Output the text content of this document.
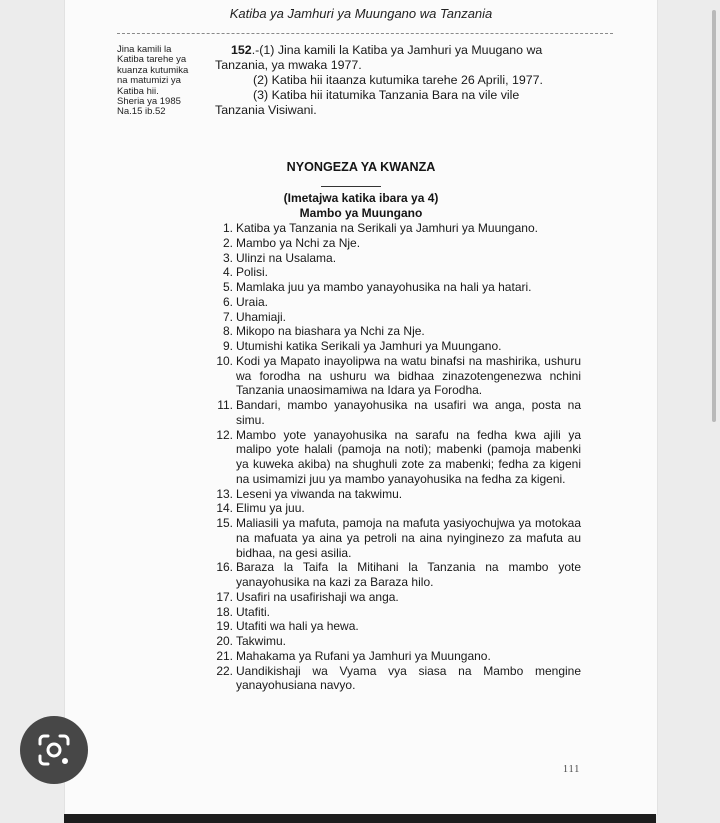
Katiba ya Jamhuri ya Muungano wa Tanzania
Jina kamili la
Katiba tarehe ya
kuanza kutumika
na matumizi ya
Katiba hii.
Sheria ya 1985
Na.15 ib.52
152.-(1) Jina kamili la Katiba ya Jamhuri ya Muugano wa
Tanzania, ya mwaka 1977.
(2) Katiba hii itaanza kutumika tarehe 26 Aprili, 1977.
(3) Katiba hii itatumika Tanzania Bara na vile vile
Tanzania Visiwani.
NYONGEZA YA KWANZA
(Imetajwa katika ibara ya 4)
Mambo ya Muungano
1. Katiba ya Tanzania na Serikali ya Jamhuri ya Muungano.
2. Mambo ya Nchi za Nje.
3. Ulinzi na Usalama.
4. Polisi.
5. Mamlaka juu ya mambo yanayohusika na hali ya hatari.
6. Uraia.
7. Uhamiaji.
8. Mikopo na biashara ya Nchi za Nje.
9. Utumishi katika Serikali ya Jamhuri ya Muungano.
10. Kodi ya Mapato inayolipwa na watu binafsi na mashirika, ushuru wa forodha na ushuru wa bidhaa zinazotengenezwa nchini Tanzania unaosimamiwa na Idara ya Forodha.
11. Bandari, mambo yanayohusika na usafiri wa anga, posta na simu.
12. Mambo yote yanayohusika na sarafu na fedha kwa ajili ya malipo yote halali (pamoja na noti); mabenki (pamoja mabenki ya kuweka akiba) na shughuli zote za mabenki; fedha za kigeni na usimamizi juu ya mambo yanayohusika na fedha za kigeni.
13. Leseni ya viwanda na takwimu.
14. Elimu ya juu.
15. Maliasili ya mafuta, pamoja na mafuta yasiyochujwa ya motokaa na mafuata ya aina ya petroli na aina nyinginezo za mafuta au bidhaa, na gesi asilia.
16. Baraza la Taifa la Mitihani la Tanzania na mambo yote yanayohusika na kazi za Baraza hilo.
17. Usafiri na usafirishaji wa anga.
18. Utafiti.
19. Utafiti wa hali ya hewa.
20. Takwimu.
21. Mahakama ya Rufani ya Jamhuri ya Muungano.
22. Uandikishaji wa Vyama vya siasa na Mambo mengine yanayohusiana navyo.
111
